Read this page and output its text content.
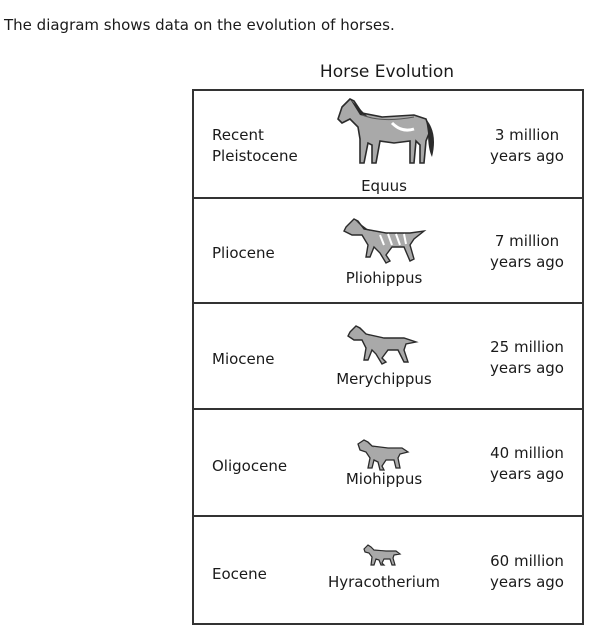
The diagram shows data on the evolution of horses.
Horse Evolution
Recent
Pleistocene
Equus
3 million
years ago
Pliocene
Pliohippus
7 million
years ago
Miocene
Merychippus
25 million
years ago
Oligocene
Miohippus
40 million
years ago
Eocene	Hyracotherium
60 million
years ago
